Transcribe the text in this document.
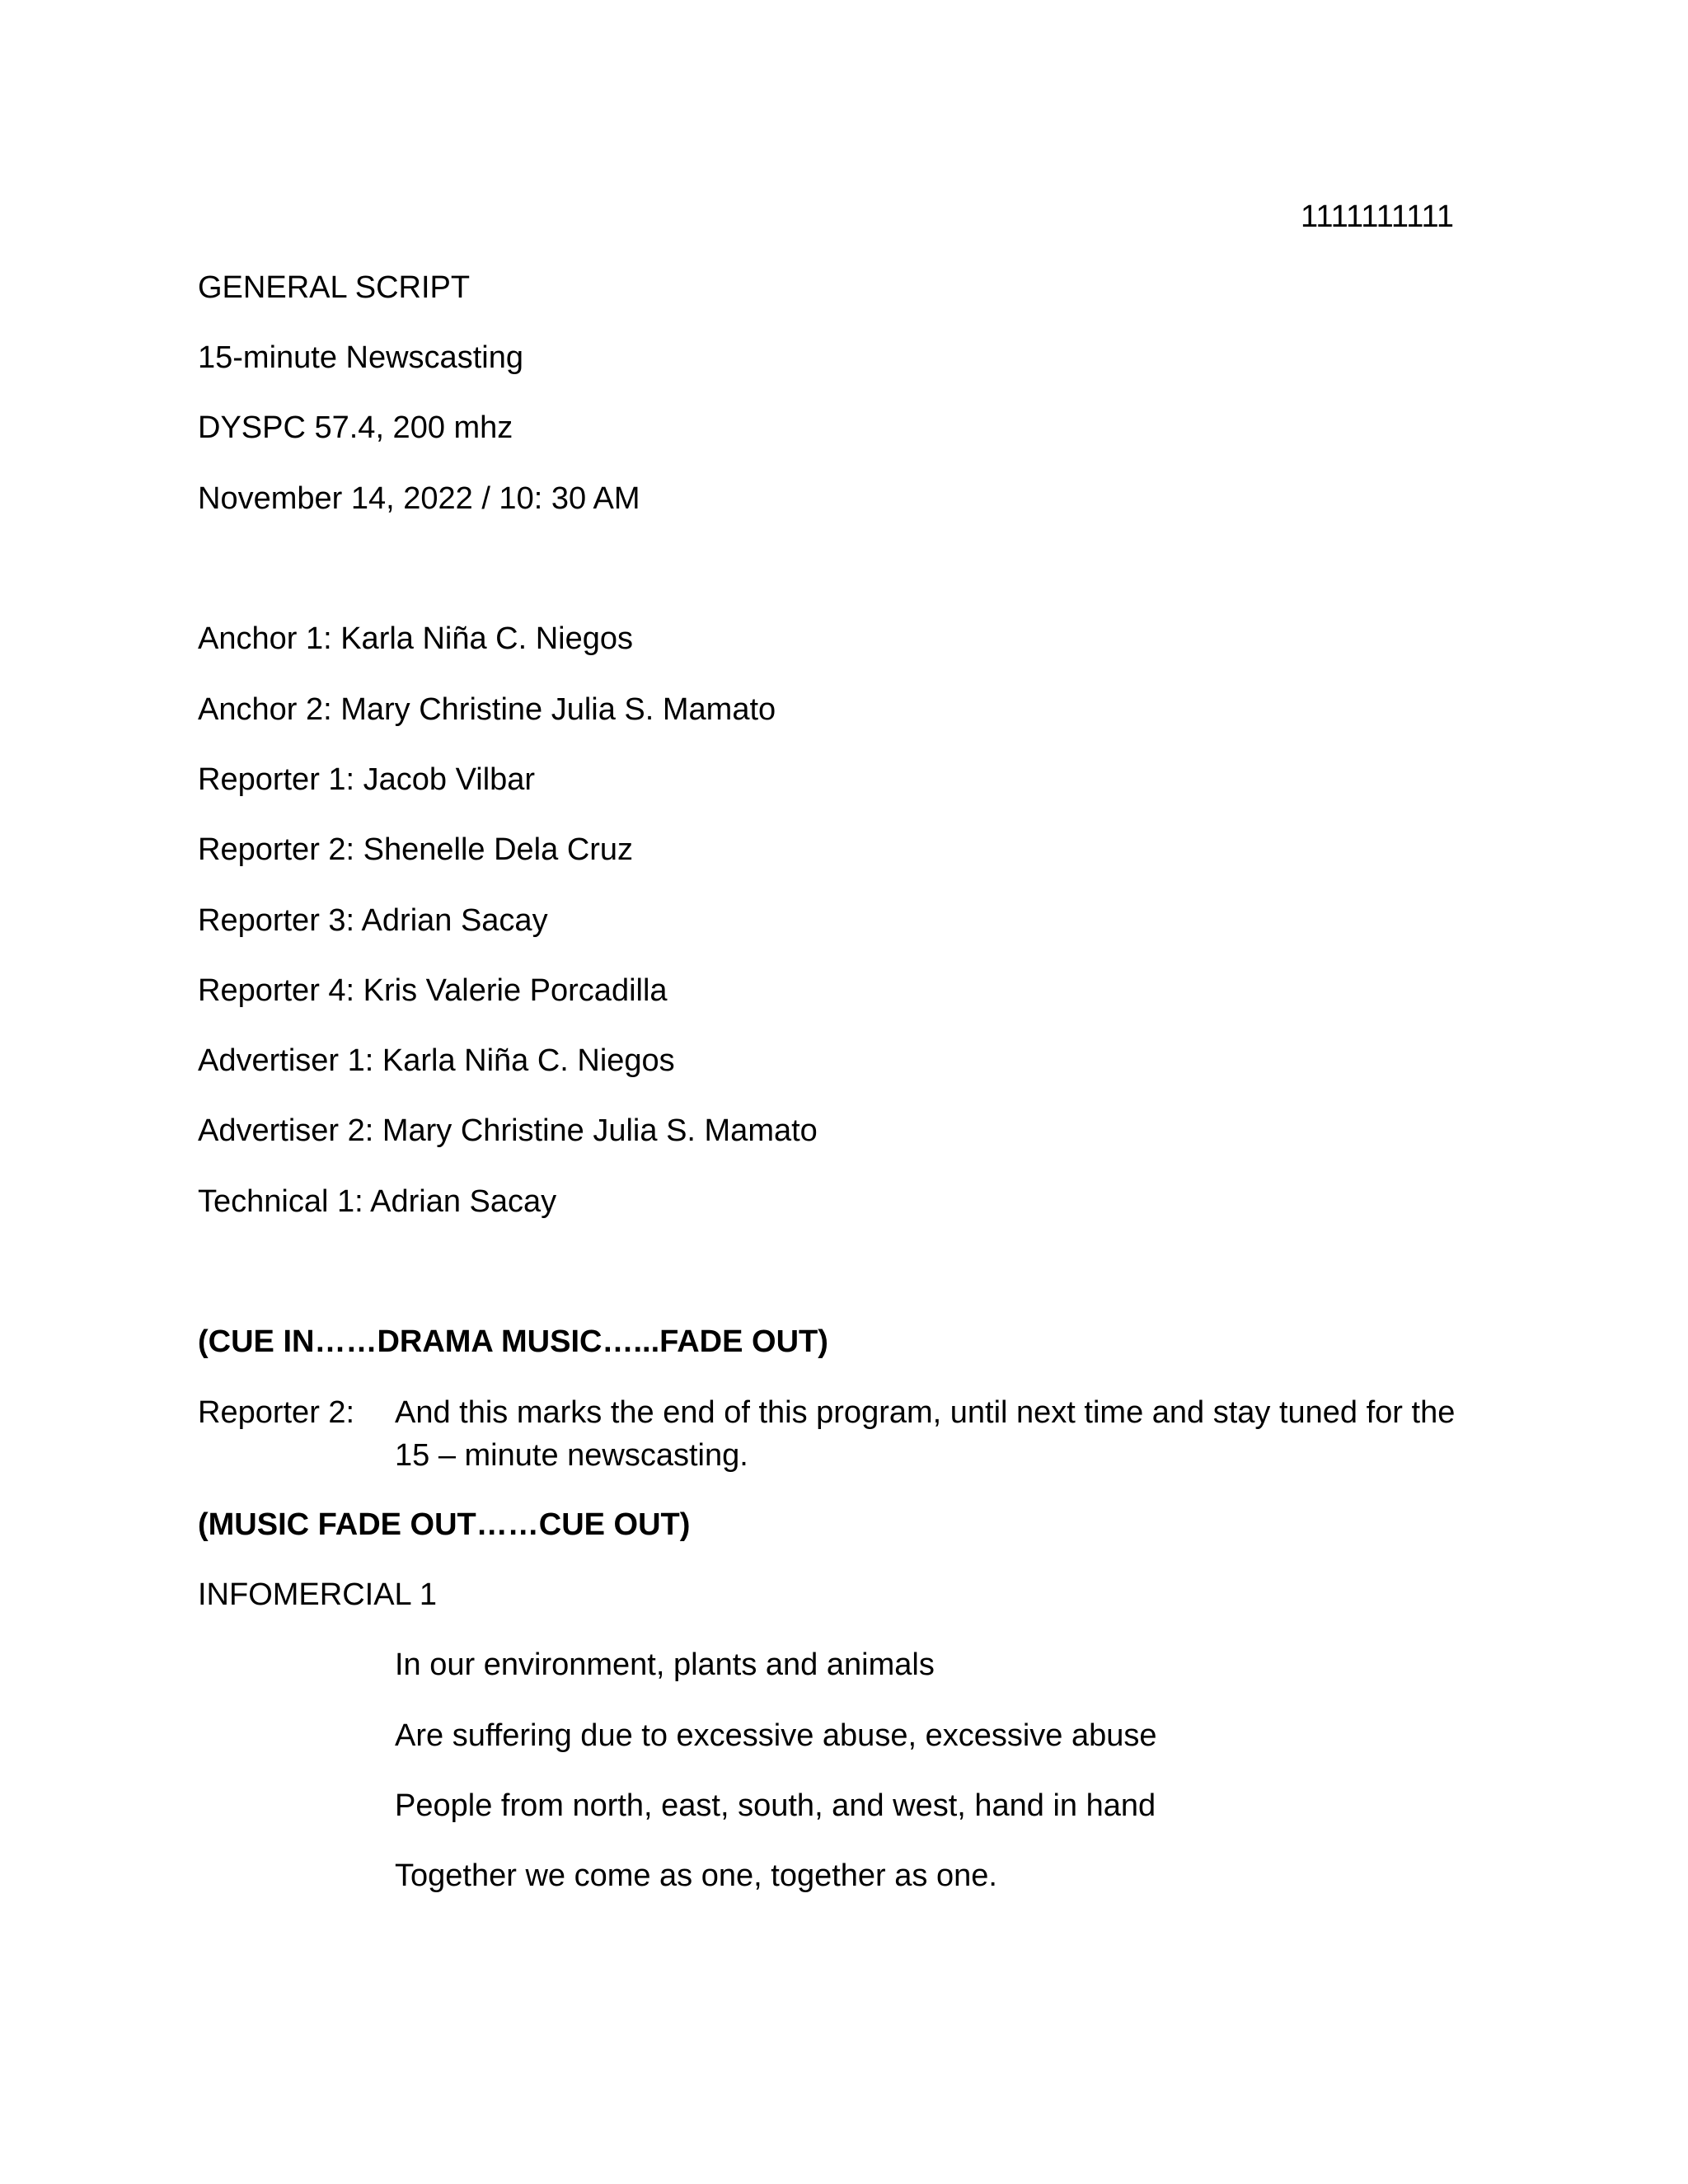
1111111111

GENERAL SCRIPT

15-minute Newscasting

DYSPC 57.4, 200 mhz

November 14, 2022 / 10: 30 AM

Anchor 1: Karla Niña C. Niegos

Anchor 2: Mary Christine Julia S. Mamato

Reporter 1: Jacob Vilbar

Reporter 2: Shenelle Dela Cruz

Reporter 3: Adrian Sacay

Reporter 4: Kris Valerie Porcadilla

Advertiser 1: Karla Niña C. Niegos

Advertiser 2: Mary Christine Julia S. Mamato

Technical 1: Adrian Sacay

(CUE IN……DRAMA MUSIC…...FADE OUT)

Reporter 2: And this marks the end of this program, until next time and stay tuned for the 15 – minute newscasting.

(MUSIC FADE OUT……CUE OUT)

INFOMERCIAL 1

In our environment, plants and animals

Are suffering due to excessive abuse, excessive abuse

People from north, east, south, and west, hand in hand

Together we come as one, together as one.
